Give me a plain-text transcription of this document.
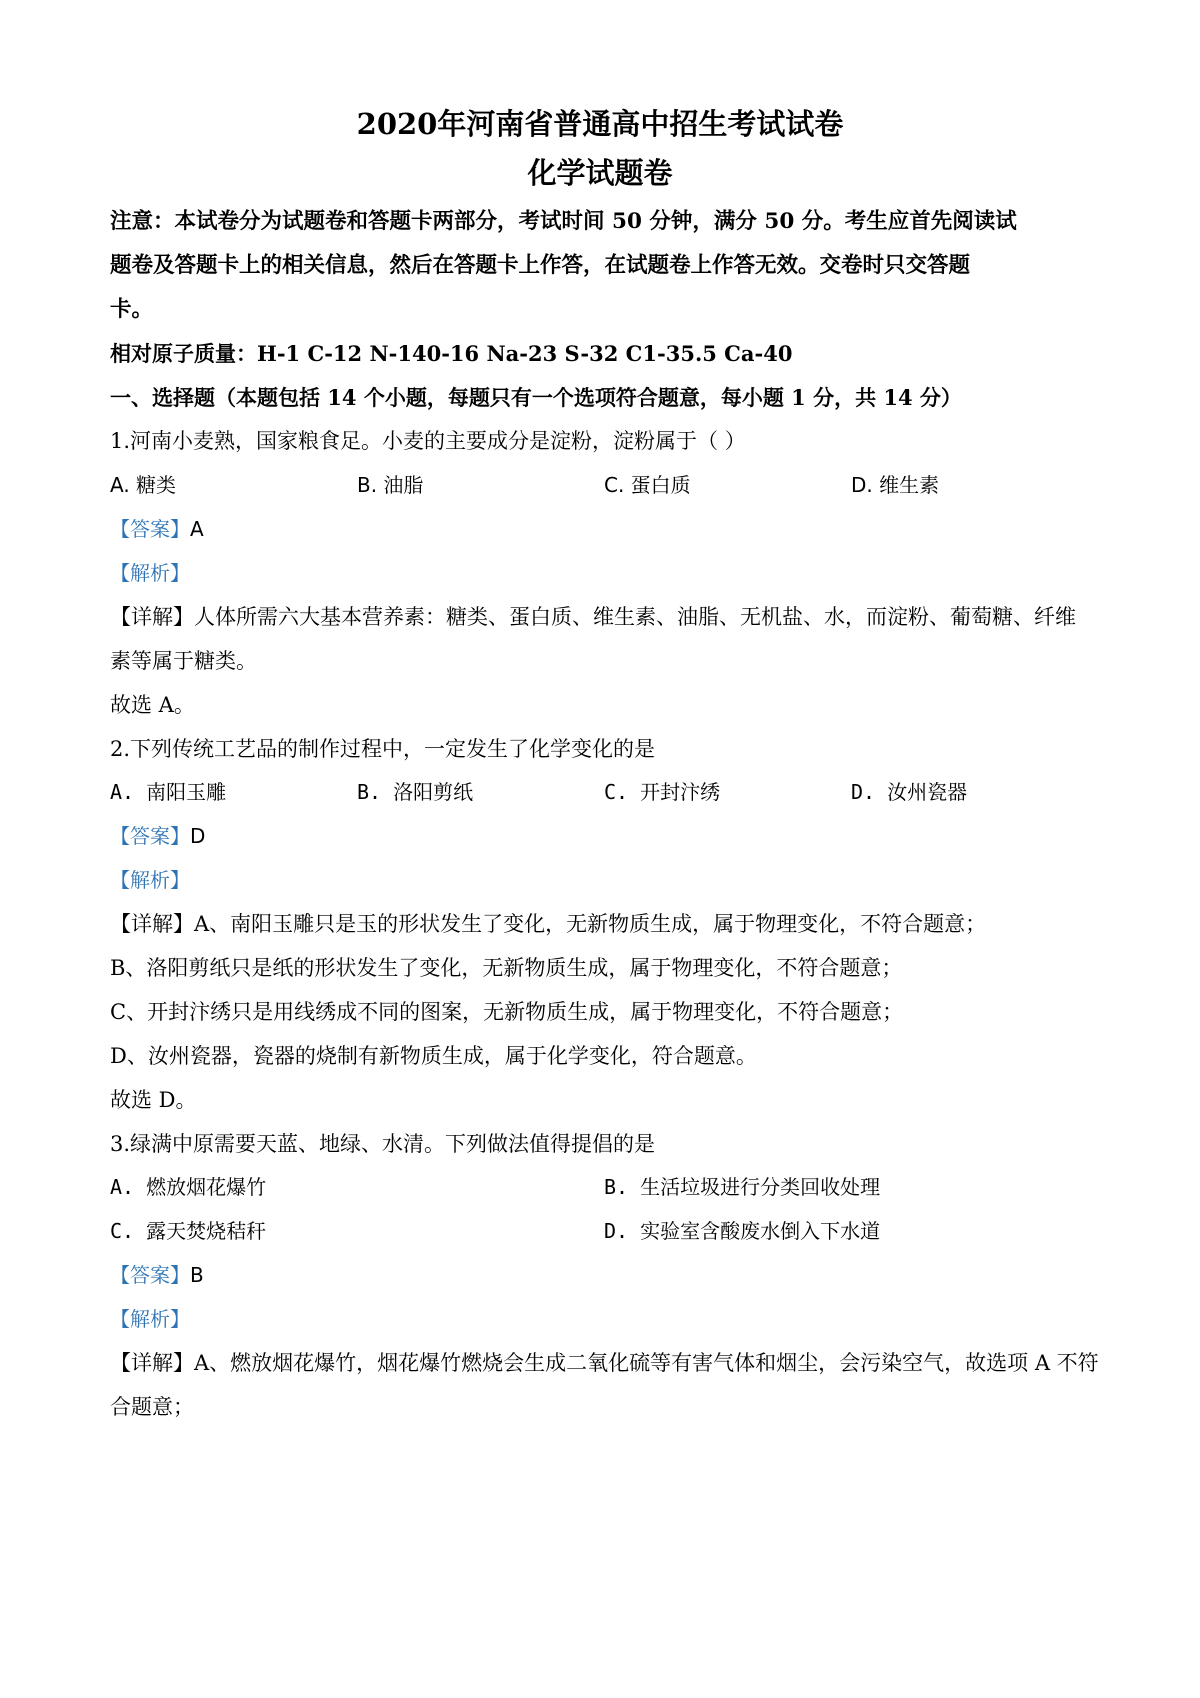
2020年河南省普通高中招生考试试卷
化学试题卷
注意：本试卷分为试题卷和答题卡两部分，考试时间 50 分钟，满分 50 分。考生应首先阅读试
题卷及答题卡上的相关信息，然后在答题卡上作答，在试题卷上作答无效。交卷时只交答题
卡。
相对原子质量：H-1 C-12 N-140-16 Na-23 S-32 C1-35.5 Ca-40
一、选择题（本题包括 14 个小题，每题只有一个选项符合题意，每小题 1 分，共 14 分）
1.河南小麦熟，国家粮食足。小麦的主要成分是淀粉，淀粉属于（ ）
A. 糖类	B. 油脂	C. 蛋白质	D. 维生素
【答案】A
【解析】
【详解】人体所需六大基本营养素：糖类、蛋白质、维生素、油脂、无机盐、水，而淀粉、葡萄糖、纤维
素等属于糖类。
故选 A。
2.下列传统工艺品的制作过程中，一定发生了化学变化的是
A. 南阳玉雕	B. 洛阳剪纸	C. 开封汴绣	D. 汝州瓷器
【答案】D
【解析】
【详解】A、南阳玉雕只是玉的形状发生了变化，无新物质生成，属于物理变化，不符合题意；
B、洛阳剪纸只是纸的形状发生了变化，无新物质生成，属于物理变化，不符合题意；
C、开封汴绣只是用线绣成不同的图案，无新物质生成，属于物理变化，不符合题意；
D、汝州瓷器，瓷器的烧制有新物质生成，属于化学变化，符合题意。
故选 D。
3.绿满中原需要天蓝、地绿、水清。下列做法值得提倡的是
A. 燃放烟花爆竹	B. 生活垃圾进行分类回收处理
C. 露天焚烧秸秆	D. 实验室含酸废水倒入下水道
【答案】B
【解析】
【详解】A、燃放烟花爆竹，烟花爆竹燃烧会生成二氧化硫等有害气体和烟尘，会污染空气，故选项 A 不符
合题意；
